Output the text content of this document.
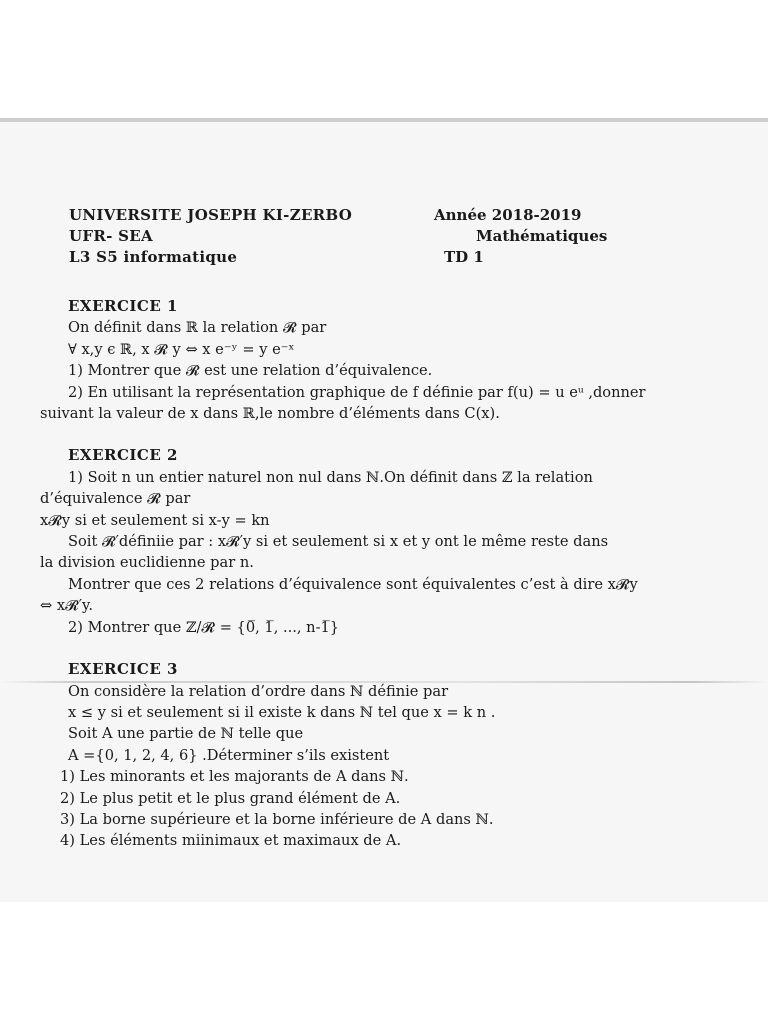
UNIVERSITE JOSEPH KI-ZERBO
UFR- SEA
L3 S5 informatique
Année 2018-2019
Mathématiques
TD 1
EXERCICE 1
On définit dans ℝ la relation 𝓡 par
∀ x,y ϵ ℝ, x 𝓡 y ⇔ x e⁻ʸ = y e⁻ˣ
1) Montrer que 𝓡 est une relation d’équivalence.
2) En utilisant la représentation graphique de f définie par f(u) = u eᵘ ,donner
suivant la valeur de x dans ℝ,le nombre d’éléments dans C(x).
EXERCICE 2
1) Soit n un entier naturel non nul dans ℕ.On définit dans ℤ la relation
d’équivalence 𝓡 par
x𝓡y si et seulement si x-y = kn
Soit 𝓡′définiie par : x𝓡′y si et seulement si x et y ont le même reste dans
la division euclidienne par n.
Montrer que ces 2 relations d’équivalence sont équivalentes c’est à dire x𝓡y
⇔ x𝓡′y.
2) Montrer que ℤ/𝓡 = {0̅, 1̅, ..., n-1̅}
EXERCICE 3
On considère la relation d’ordre dans ℕ définie par
x ≤ y si et seulement si il existe k dans ℕ tel que x = k n .
Soit A une partie de ℕ telle que
A ={0, 1, 2, 4, 6} .Déterminer s’ils existent
1) Les minorants et les majorants de A dans ℕ.
2) Le plus petit et le plus grand élément de A.
3) La borne supérieure et la borne inférieure de A dans ℕ.
4) Les éléments miinimaux et maximaux de A.
